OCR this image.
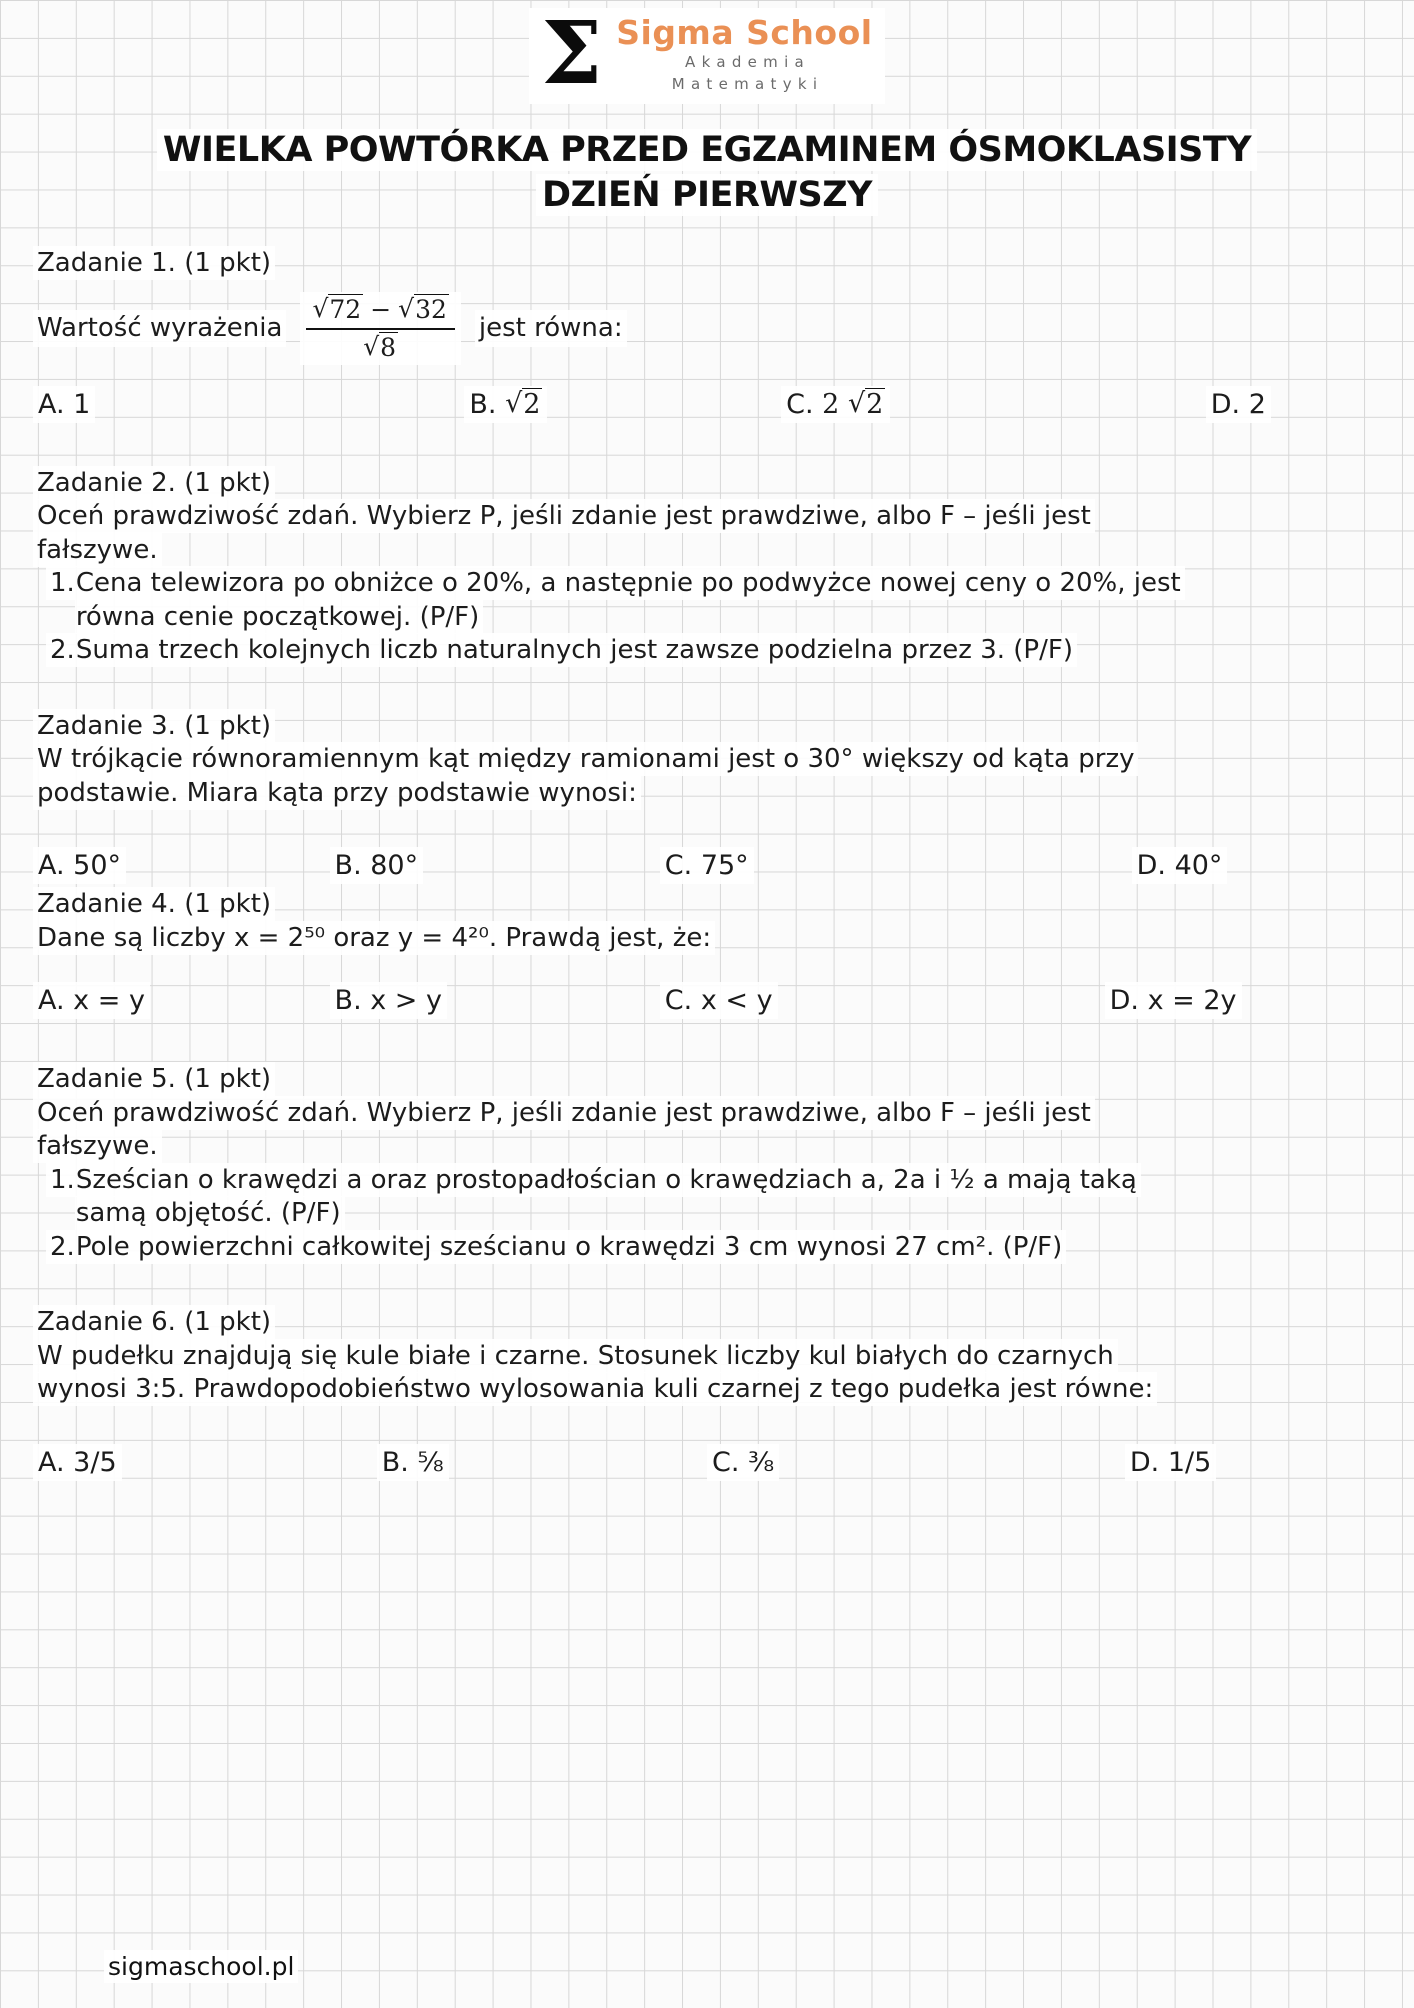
Σ Sigma School
Akademia
Matematyki
WIELKA POWTÓRKA PRZED EGZAMINEM ÓSMOKLASISTY
DZIEŃ PIERWSZY
Zadanie 1. (1 pkt)
Wartość wyrażenia $\frac{√72 - √32}{√8}$ jest równa:
A. 1	B. √2	C. 2 √2	D. 2
Zadanie 2. (1 pkt)
Oceń prawdziwość zdań. Wybierz P, jeśli zdanie jest prawdziwe, albo F – jeśli jest
fałszywe.
1. Cena telewizora po obniżce o 20%, a następnie po podwyżce nowej ceny o 20%, jest
równa cenie początkowej. (P/F)
2. Suma trzech kolejnych liczb naturalnych jest zawsze podzielna przez 3. (P/F)
Zadanie 3. (1 pkt)
W trójkącie równoramiennym kąt między ramionami jest o 30° większy od kąta przy
podstawie. Miara kąta przy podstawie wynosi:
A. 50°	B. 80°	C. 75°	D. 40°
Zadanie 4. (1 pkt)
Dane są liczby x = 2⁵⁰ oraz y = 4²⁰. Prawdą jest, że:
A. x = y	B. x > y	C. x < y	D. x = 2y
Zadanie 5. (1 pkt)
Oceń prawdziwość zdań. Wybierz P, jeśli zdanie jest prawdziwe, albo F – jeśli jest
fałszywe.
1. Sześcian o krawędzi a oraz prostopadłościan o krawędziach a, 2a i ½ a mają taką
samą objętość. (P/F)
2. Pole powierzchni całkowitej sześcianu o krawędzi 3 cm wynosi 27 cm². (P/F)
Zadanie 6. (1 pkt)
W pudełku znajdują się kule białe i czarne. Stosunek liczby kul białych do czarnych
wynosi 3:5. Prawdopodobieństwo wylosowania kuli czarnej z tego pudełka jest równe:
A. 3/5	B. ⅝	C. ⅜	D. 1/5
sigmaschool.pl
